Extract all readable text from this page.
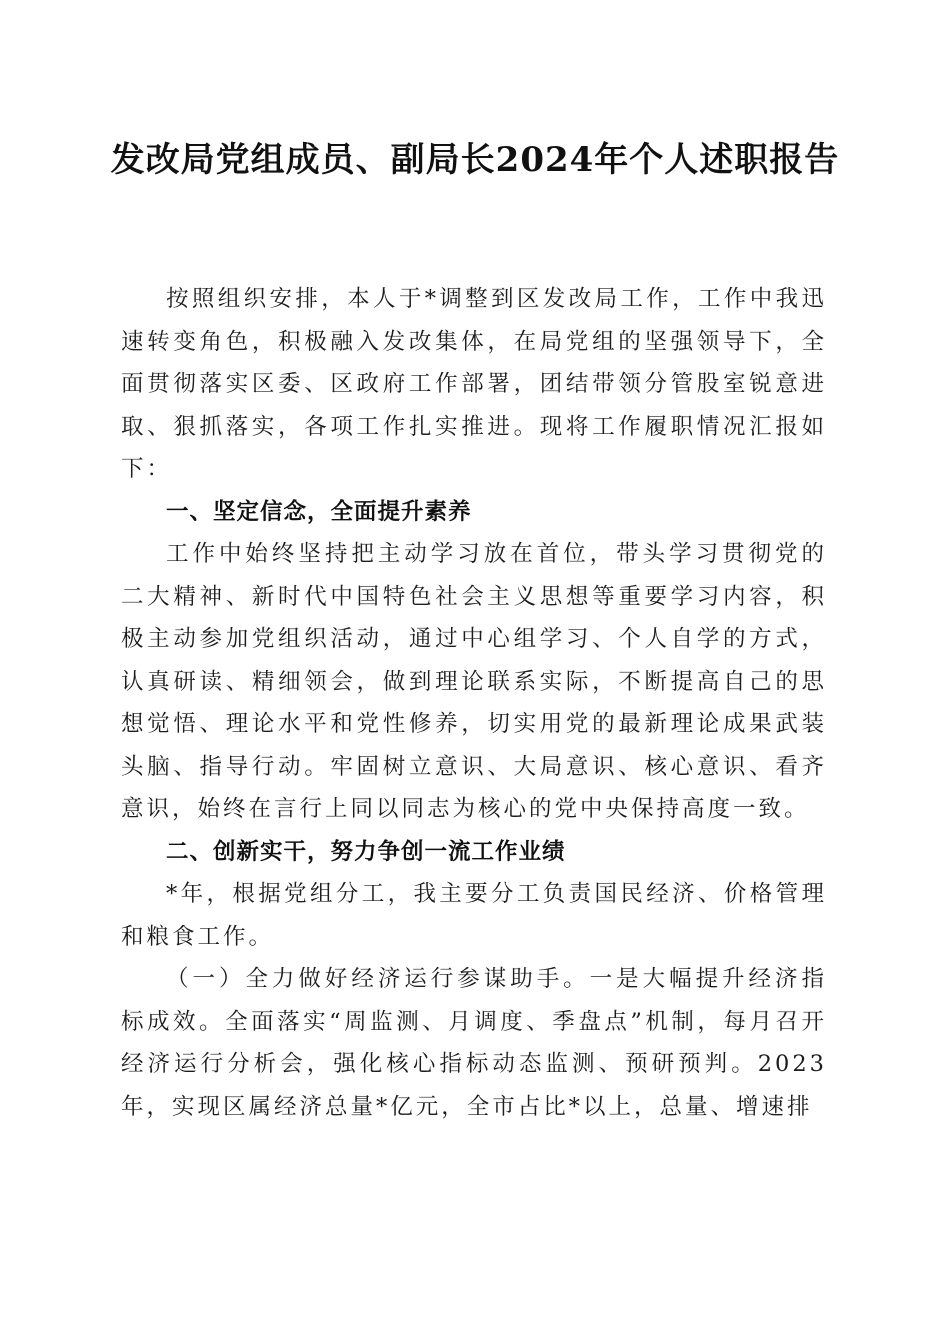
发改局党组成员、副局长2024年个人述职报告

按照组织安排，本人于*调整到区发改局工作，工作中我迅速转变角色，积极融入发改集体，在局党组的坚强领导下，全面贯彻落实区委、区政府工作部署，团结带领分管股室锐意进取、狠抓落实，各项工作扎实推进。现将工作履职情况汇报如下：

一、坚定信念，全面提升素养

工作中始终坚持把主动学习放在首位，带头学习贯彻党的二大精神、新时代中国特色社会主义思想等重要学习内容，积极主动参加党组织活动，通过中心组学习、个人自学的方式，认真研读、精细领会，做到理论联系实际，不断提高自己的思想觉悟、理论水平和党性修养，切实用党的最新理论成果武装头脑、指导行动。牢固树立意识、大局意识、核心意识、看齐意识，始终在言行上同以同志为核心的党中央保持高度一致。

二、创新实干，努力争创一流工作业绩

*年，根据党组分工，我主要分工负责国民经济、价格管理和粮食工作。

（一）全力做好经济运行参谋助手。一是大幅提升经济指标成效。全面落实“周监测、月调度、季盘点”机制，每月召开经济运行分析会，强化核心指标动态监测、预研预判。2023年，实现区属经济总量*亿元，全市占比*以上，总量、增速排
